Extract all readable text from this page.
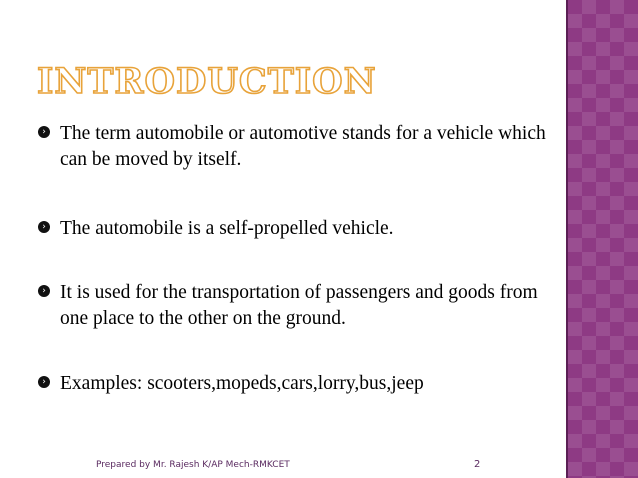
INTRODUCTION
› The term automobile or automotive stands for a vehicle which can be moved by itself.
› The automobile is a self-propelled vehicle.
› It is used for the transportation of passengers and goods from one place to the other on the ground.
› Examples: scooters,mopeds,cars,lorry,bus,jeep
Prepared by Mr. Rajesh K/AP Mech-RMKCET	2
